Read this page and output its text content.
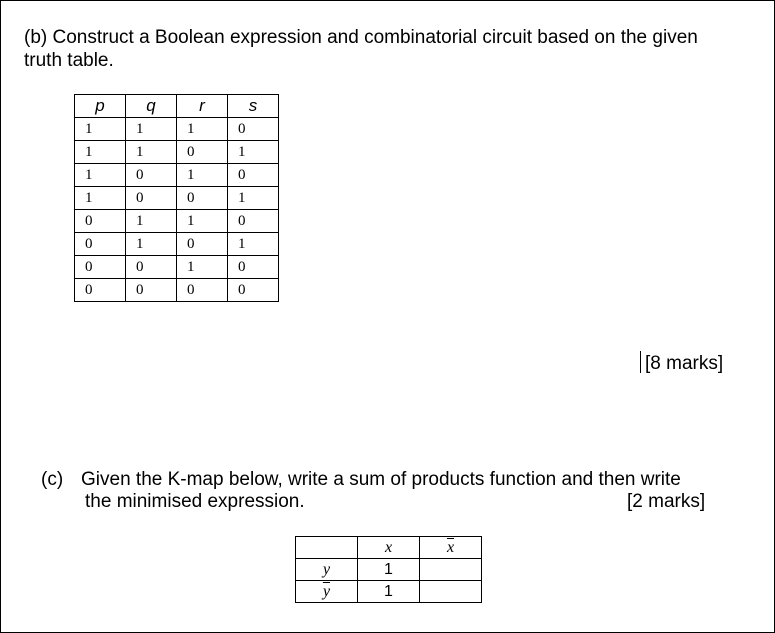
(b) Construct a Boolean expression and combinatorial circuit based on the given
truth table.
p	q	r	s
1	1	1	0
1	1	0	1
1	0	1	0
1	0	0	1
0	1	1	0
0	1	0	1
0	0	1	0
0	0	0	0
[8 marks]
(c) Given the K-map below, write a sum of products function and then write
the minimised expression.	[2 marks]
	x	$\overline{x}$
y	1	
$\overline{y}$	1	
